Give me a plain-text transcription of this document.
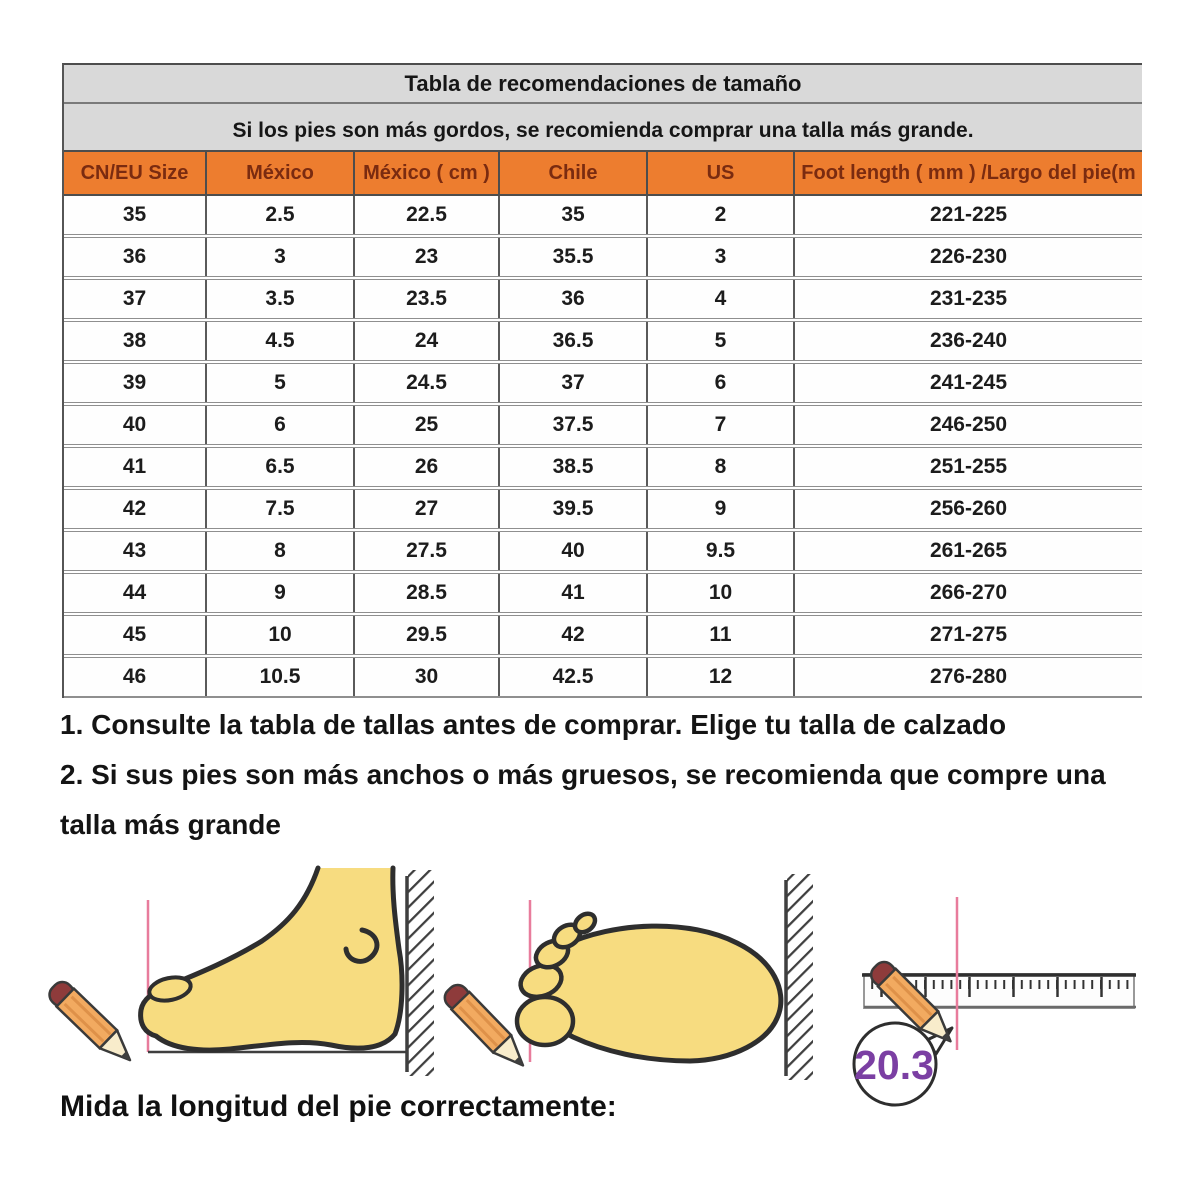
Tabla de recomendaciones de tamaño
Si los pies son más gordos, se recomienda comprar una talla más grande.
CN/EU Size	México	México ( cm )	Chile	US	Foot length ( mm ) /Largo del pie(m
35	2.5	22.5	35	2	221-225
36	3	23	35.5	3	226-230
37	3.5	23.5	36	4	231-235
38	4.5	24	36.5	5	236-240
39	5	24.5	37	6	241-245
40	6	25	37.5	7	246-250
41	6.5	26	38.5	8	251-255
42	7.5	27	39.5	9	256-260
43	8	27.5	40	9.5	261-265
44	9	28.5	41	10	266-270
45	10	29.5	42	11	271-275
46	10.5	30	42.5	12	276-280

1. Consulte la tabla de tallas antes de comprar. Elige tu talla de calzado

2. Si sus pies son más anchos o más gruesos, se recomienda que compre una talla más grande

20.3
Mida la longitud del pie correctamente:
